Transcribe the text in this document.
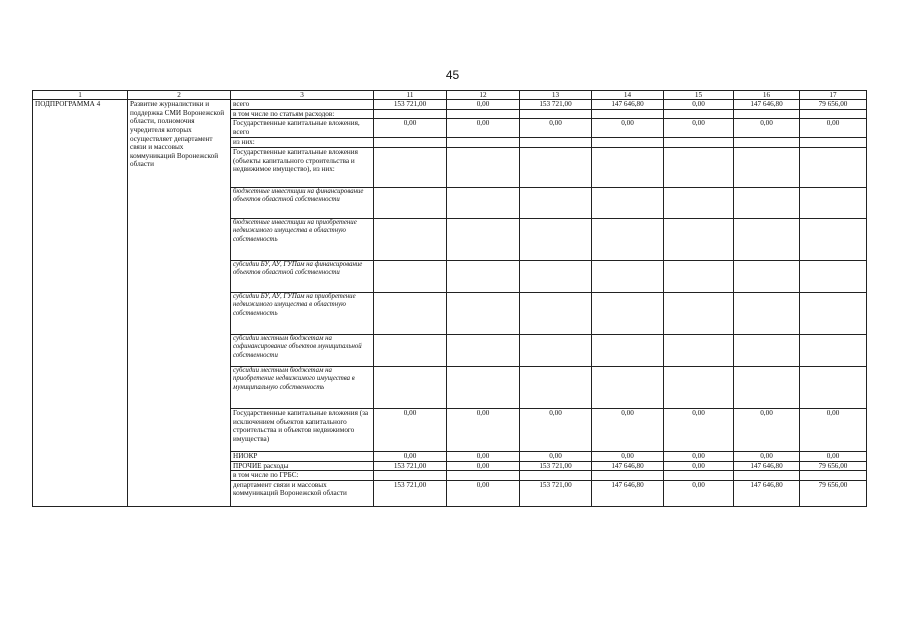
45
1	2	3	11	12	13	14	15	16	17
ПОДПРОГРАММА 4	Развитие журналистики и поддержка СМИ Воронежской области, полномочия учредителя которых осуществляет департамент связи и массовых коммуникаций Воронежской области	всего	153 721,00	0,00	153 721,00	147 646,80	0,00	147 646,80	79 656,00
		в том числе по статьям расходов:							
		Государственные капитальные вложения, всего	0,00	0,00	0,00	0,00	0,00	0,00	0,00
		из них:							
		Государственные капитальные вложения (объекты капитального строительства и недвижимое имущество), из них:							
		бюджетные инвестиции на финансирование объектов областной собственности							
		бюджетные инвестиции на приобретение недвижимого имущества в областную собственность							
		субсидии БУ, АУ, ГУПам на финансирование объектов областной собственности							
		субсидии БУ, АУ, ГУПам на приобретение недвижимого имущества в областную собственность							
		субсидии местным бюджетам на софинансирование объектов муниципальной собственности							
		субсидии местным бюджетам на приобретение недвижимого имущества в муниципальную собственность							
		Государственные капитальные вложения (за исключением объектов капитального строительства и объектов недвижимого имущества)	0,00	0,00	0,00	0,00	0,00	0,00	0,00
		НИОКР	0,00	0,00	0,00	0,00	0,00	0,00	0,00
		ПРОЧИЕ расходы	153 721,00	0,00	153 721,00	147 646,80	0,00	147 646,80	79 656,00
		в том числе по ГРБС:							
		департамент связи и массовых коммуникаций Воронежской области	153 721,00	0,00	153 721,00	147 646,80	0,00	147 646,80	79 656,00
